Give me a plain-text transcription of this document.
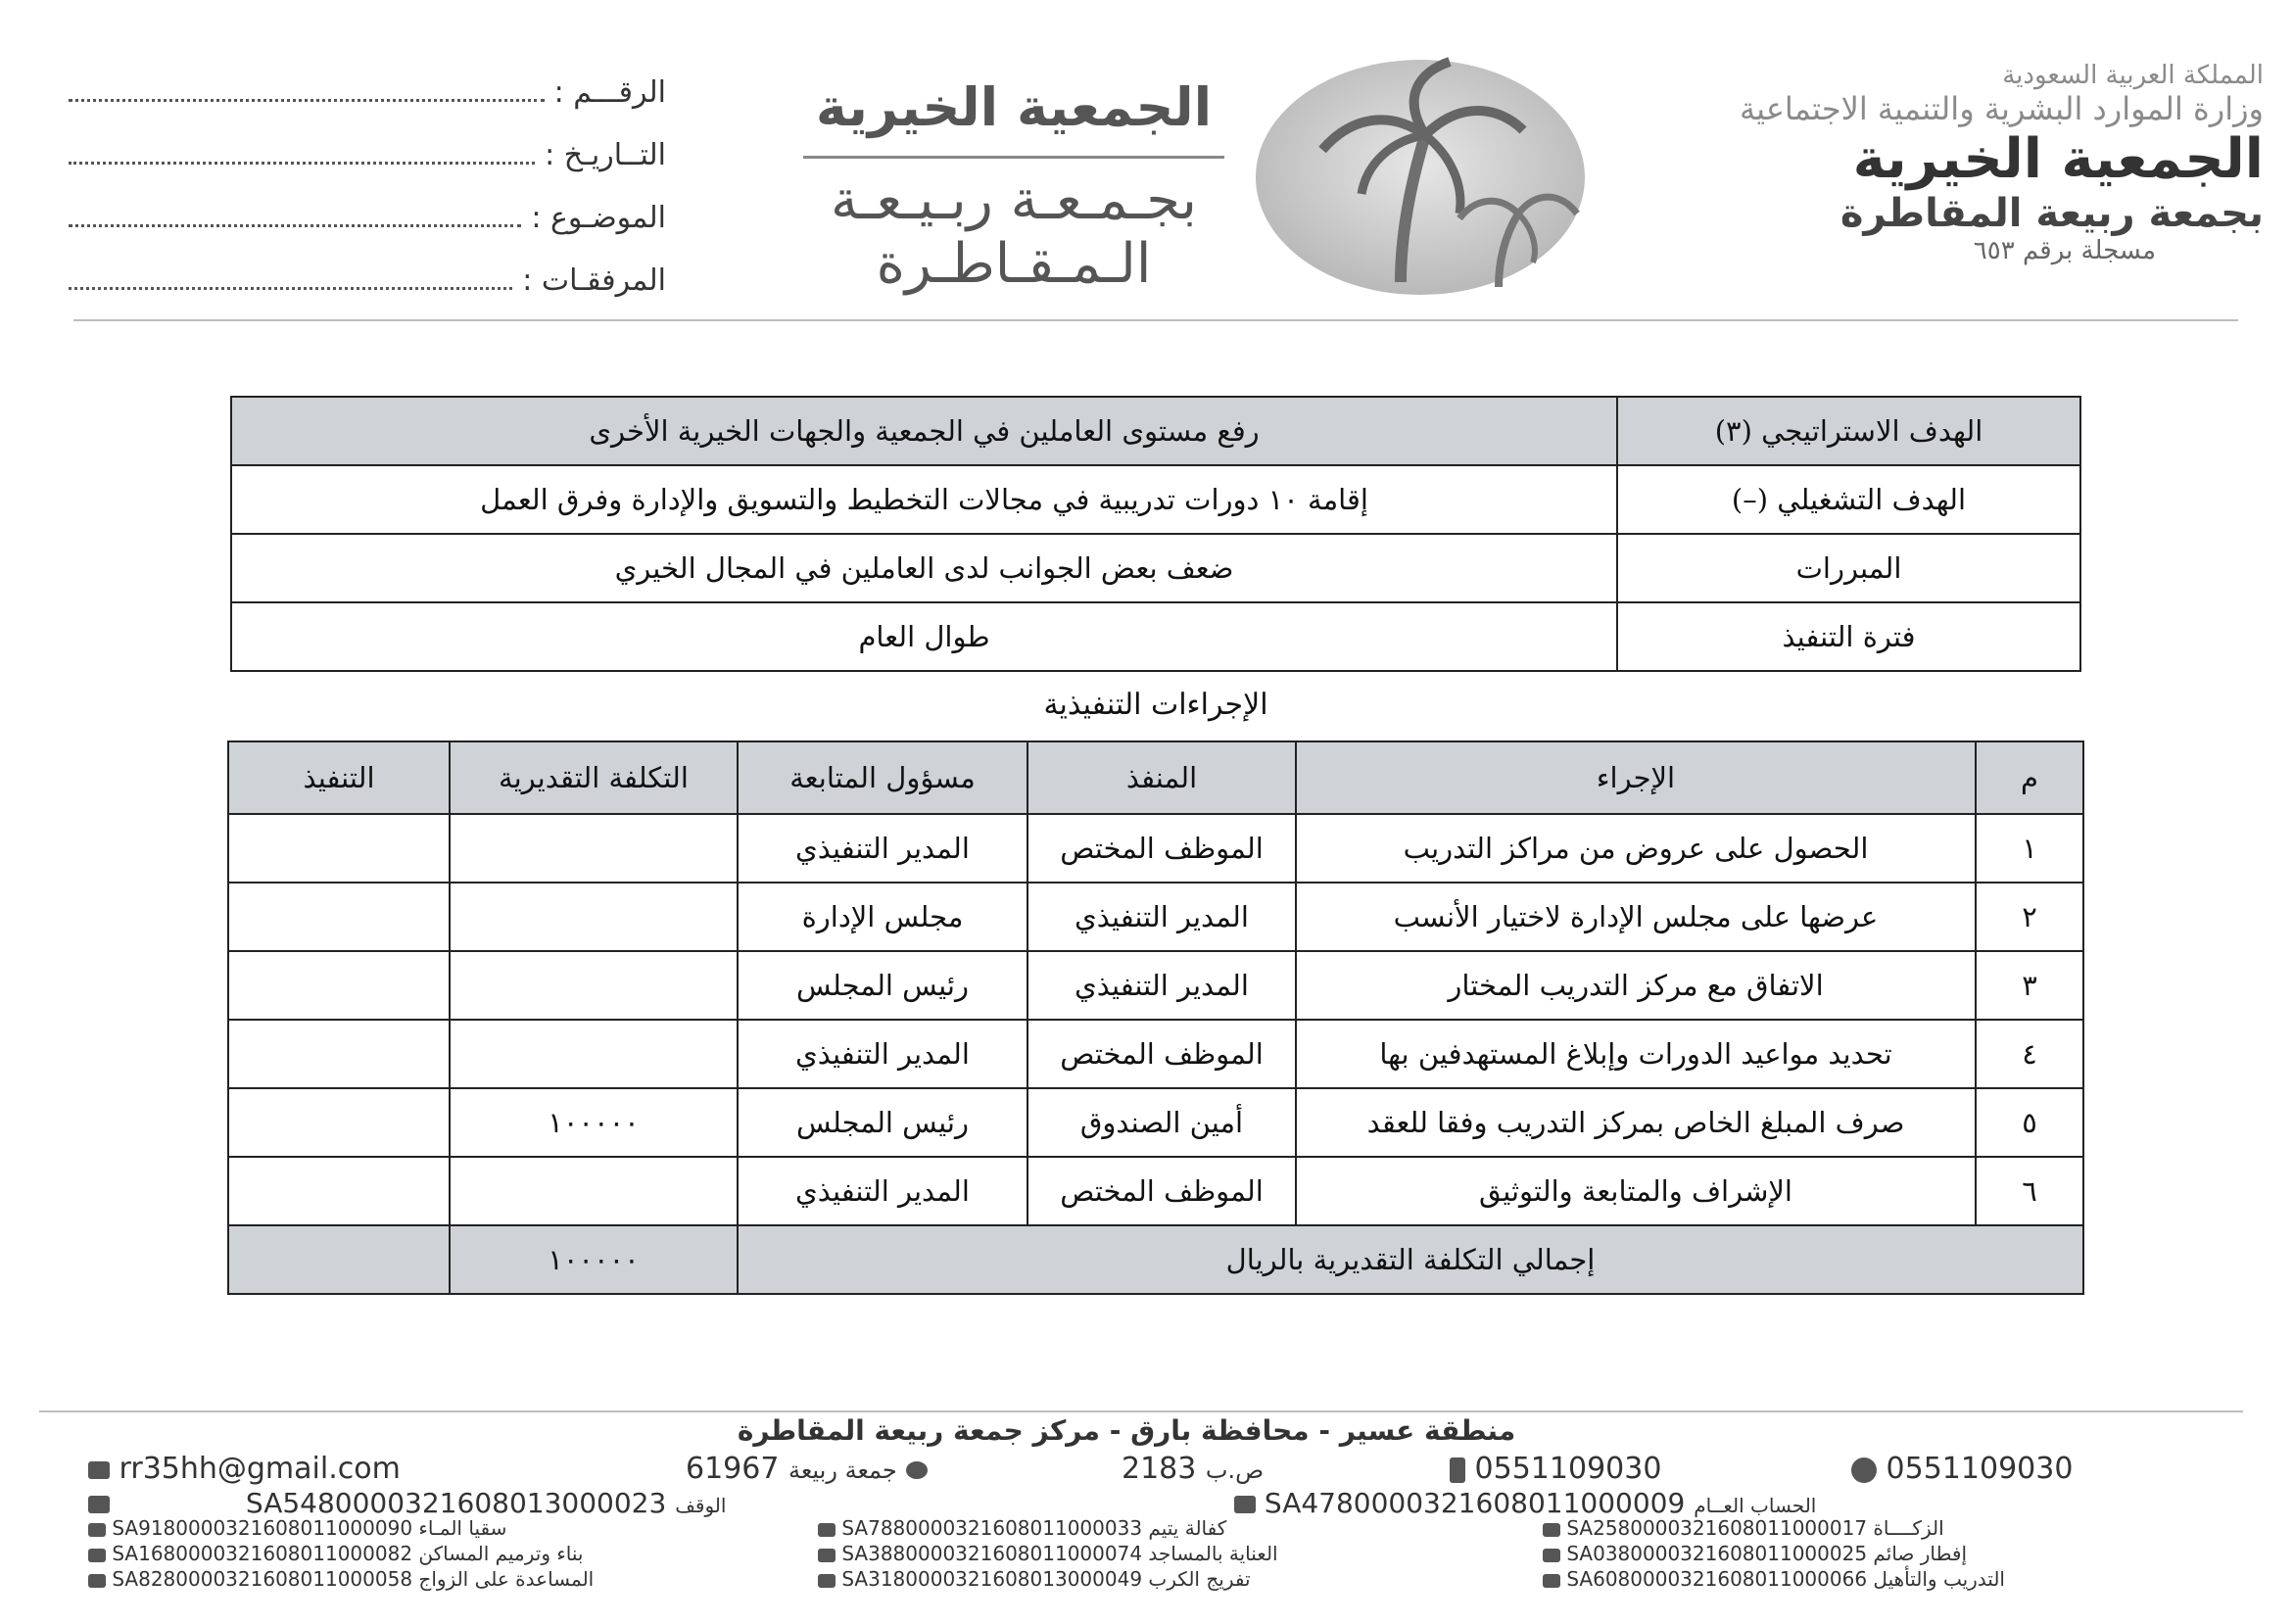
المملكة العربية السعودية
وزارة الموارد البشرية والتنمية الاجتماعية
الجمعية الخيرية
بجمعة ربيعة المقاطرة
مسجلة برقم ٦٥٣
الجمعية الخيرية
بجـمـعـة ربـيـعـة
الـمـقـاطـرة
الرقـــم :
التــاريـخ :
الموضـوع :
المرفقـات :
الهدف الاستراتيجي (٣)	رفع مستوى العاملين في الجمعية والجهات الخيرية الأخرى
الهدف التشغيلي (–)	إقامة ١٠ دورات تدريبية في مجالات التخطيط والتسويق والإدارة وفرق العمل
المبررات	ضعف بعض الجوانب لدى العاملين في المجال الخيري
فترة التنفيذ	طوال العام
الإجراءات التنفيذية
م	الإجراء	المنفذ	مسؤول المتابعة	التكلفة التقديرية	التنفيذ
١	الحصول على عروض من مراكز التدريب	الموظف المختص	المدير التنفيذي		
٢	عرضها على مجلس الإدارة لاختيار الأنسب	المدير التنفيذي	مجلس الإدارة		
٣	الاتفاق مع مركز التدريب المختار	المدير التنفيذي	رئيس المجلس		
٤	تحديد مواعيد الدورات وإبلاغ المستهدفين بها	الموظف المختص	المدير التنفيذي		
٥	صرف المبلغ الخاص بمركز التدريب وفقا للعقد	أمين الصندوق	رئيس المجلس	١٠٠٠٠٠	
٦	الإشراف والمتابعة والتوثيق	الموظف المختص	المدير التنفيذي		
إجمالي التكلفة التقديرية بالريال				١٠٠٠٠٠	
منطقة عسير - محافظة بارق - مركز جمعة ربيعة المقاطرة
rr35hh@gmail.com	61967 جمعة ربيعة	2183 ص.ب	0551109030	0551109030
SA5480000321608013000023 الوقف	SA4780000321608011000009 الحساب العــام
SA9180000321608011000090 سقيا المـاء	SA7880000321608011000033 كفالة يتيم	SA2580000321608011000017 الزكــــاة
SA1680000321608011000082 بناء وترميم المساكن	SA3880000321608011000074 العناية بالمساجد	SA0380000321608011000025 إفطار صائم
SA8280000321608011000058 المساعدة على الزواج	SA3180000321608013000049 تفريج الكرب	SA6080000321608011000066 التدريب والتأهيل
